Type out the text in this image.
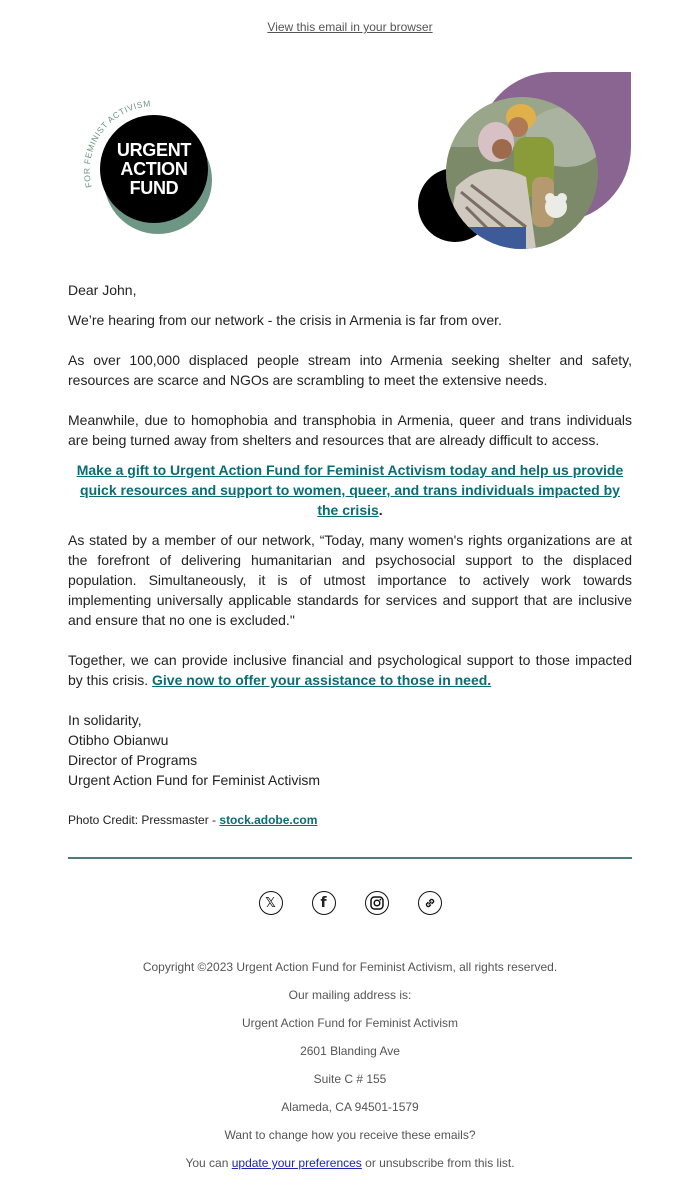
View this email in your browser
FOR FEMINIST ACTIVISM
URGENT
ACTION
FUND

Dear John,

We’re hearing from our network - the crisis in Armenia is far from over.

As over 100,000 displaced people stream into Armenia seeking shelter and safety, resources are scarce and NGOs are scrambling to meet the extensive needs.

Meanwhile, due to homophobia and transphobia in Armenia, queer and trans individuals are being turned away from shelters and resources that are already difficult to access.

Make a gift to Urgent Action Fund for Feminist Activism today and help us provide quick resources and support to women, queer, and trans individuals impacted by the crisis.

As stated by a member of our network, “Today, many women's rights organizations are at the forefront of delivering humanitarian and psychosocial support to the displaced population. Simultaneously, it is of utmost importance to actively work towards implementing universally applicable standards for services and support that are inclusive and ensure that no one is excluded."

Together, we can provide inclusive financial and psychological support to those impacted by this crisis. Give now to offer your assistance to those in need.

In solidarity,

Otibho Obianwu

Director of Programs

Urgent Action Fund for Feminist Activism

Photo Credit: Pressmaster - stock.adobe.com

𝕏	f
Copyright ©2023 Urgent Action Fund for Feminist Activism, all rights reserved.
Our mailing address is:
Urgent Action Fund for Feminist Activism
2601 Blanding Ave
Suite C # 155
Alameda, CA 94501-1579
Want to change how you receive these emails?
You can update your preferences or unsubscribe from this list.
